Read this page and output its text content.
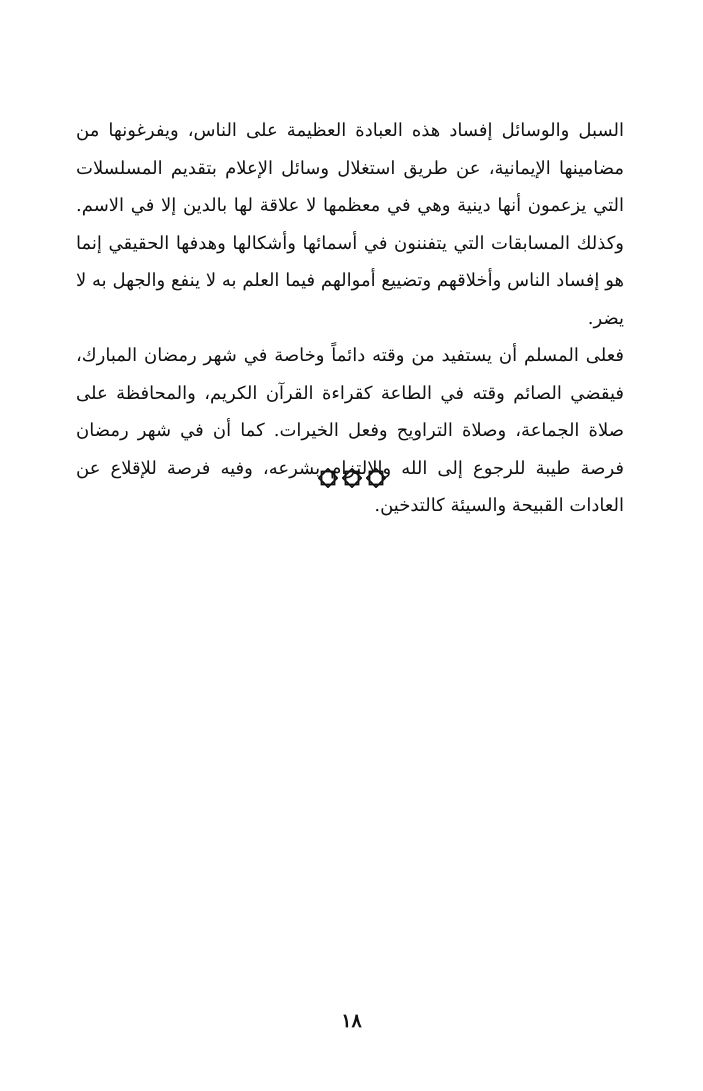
السبل والوسائل إفساد هذه العبادة العظيمة على الناس، ويفرغونها من مضامينها الإيمانية، عن طريق استغلال وسائل الإعلام بتقديم المسلسلات التي يزعمون أنها دينية وهي في معظمها لا علاقة لها بالدين إلا في الاسم. وكذلك المسابقات التي يتفننون في أسمائها وأشكالها وهدفها الحقيقي إنما هو إفساد الناس وأخلاقهم وتضييع أموالهم فيما العلم به لا ينفع والجهل به لا يضر.

فعلى المسلم أن يستفيد من وقته دائماً وخاصة في شهر رمضان المبارك، فيقضي الصائم وقته في الطاعة كقراءة القرآن الكريم، والمحافظة على صلاة الجماعة، وصلاة التراويح وفعل الخيرات. كما أن في شهر رمضان فرصة طيبة للرجوع إلى الله والالتزام بشرعه، وفيه فرصة للإقلاع عن العادات القبيحة والسيئة كالتدخين.

١٨
